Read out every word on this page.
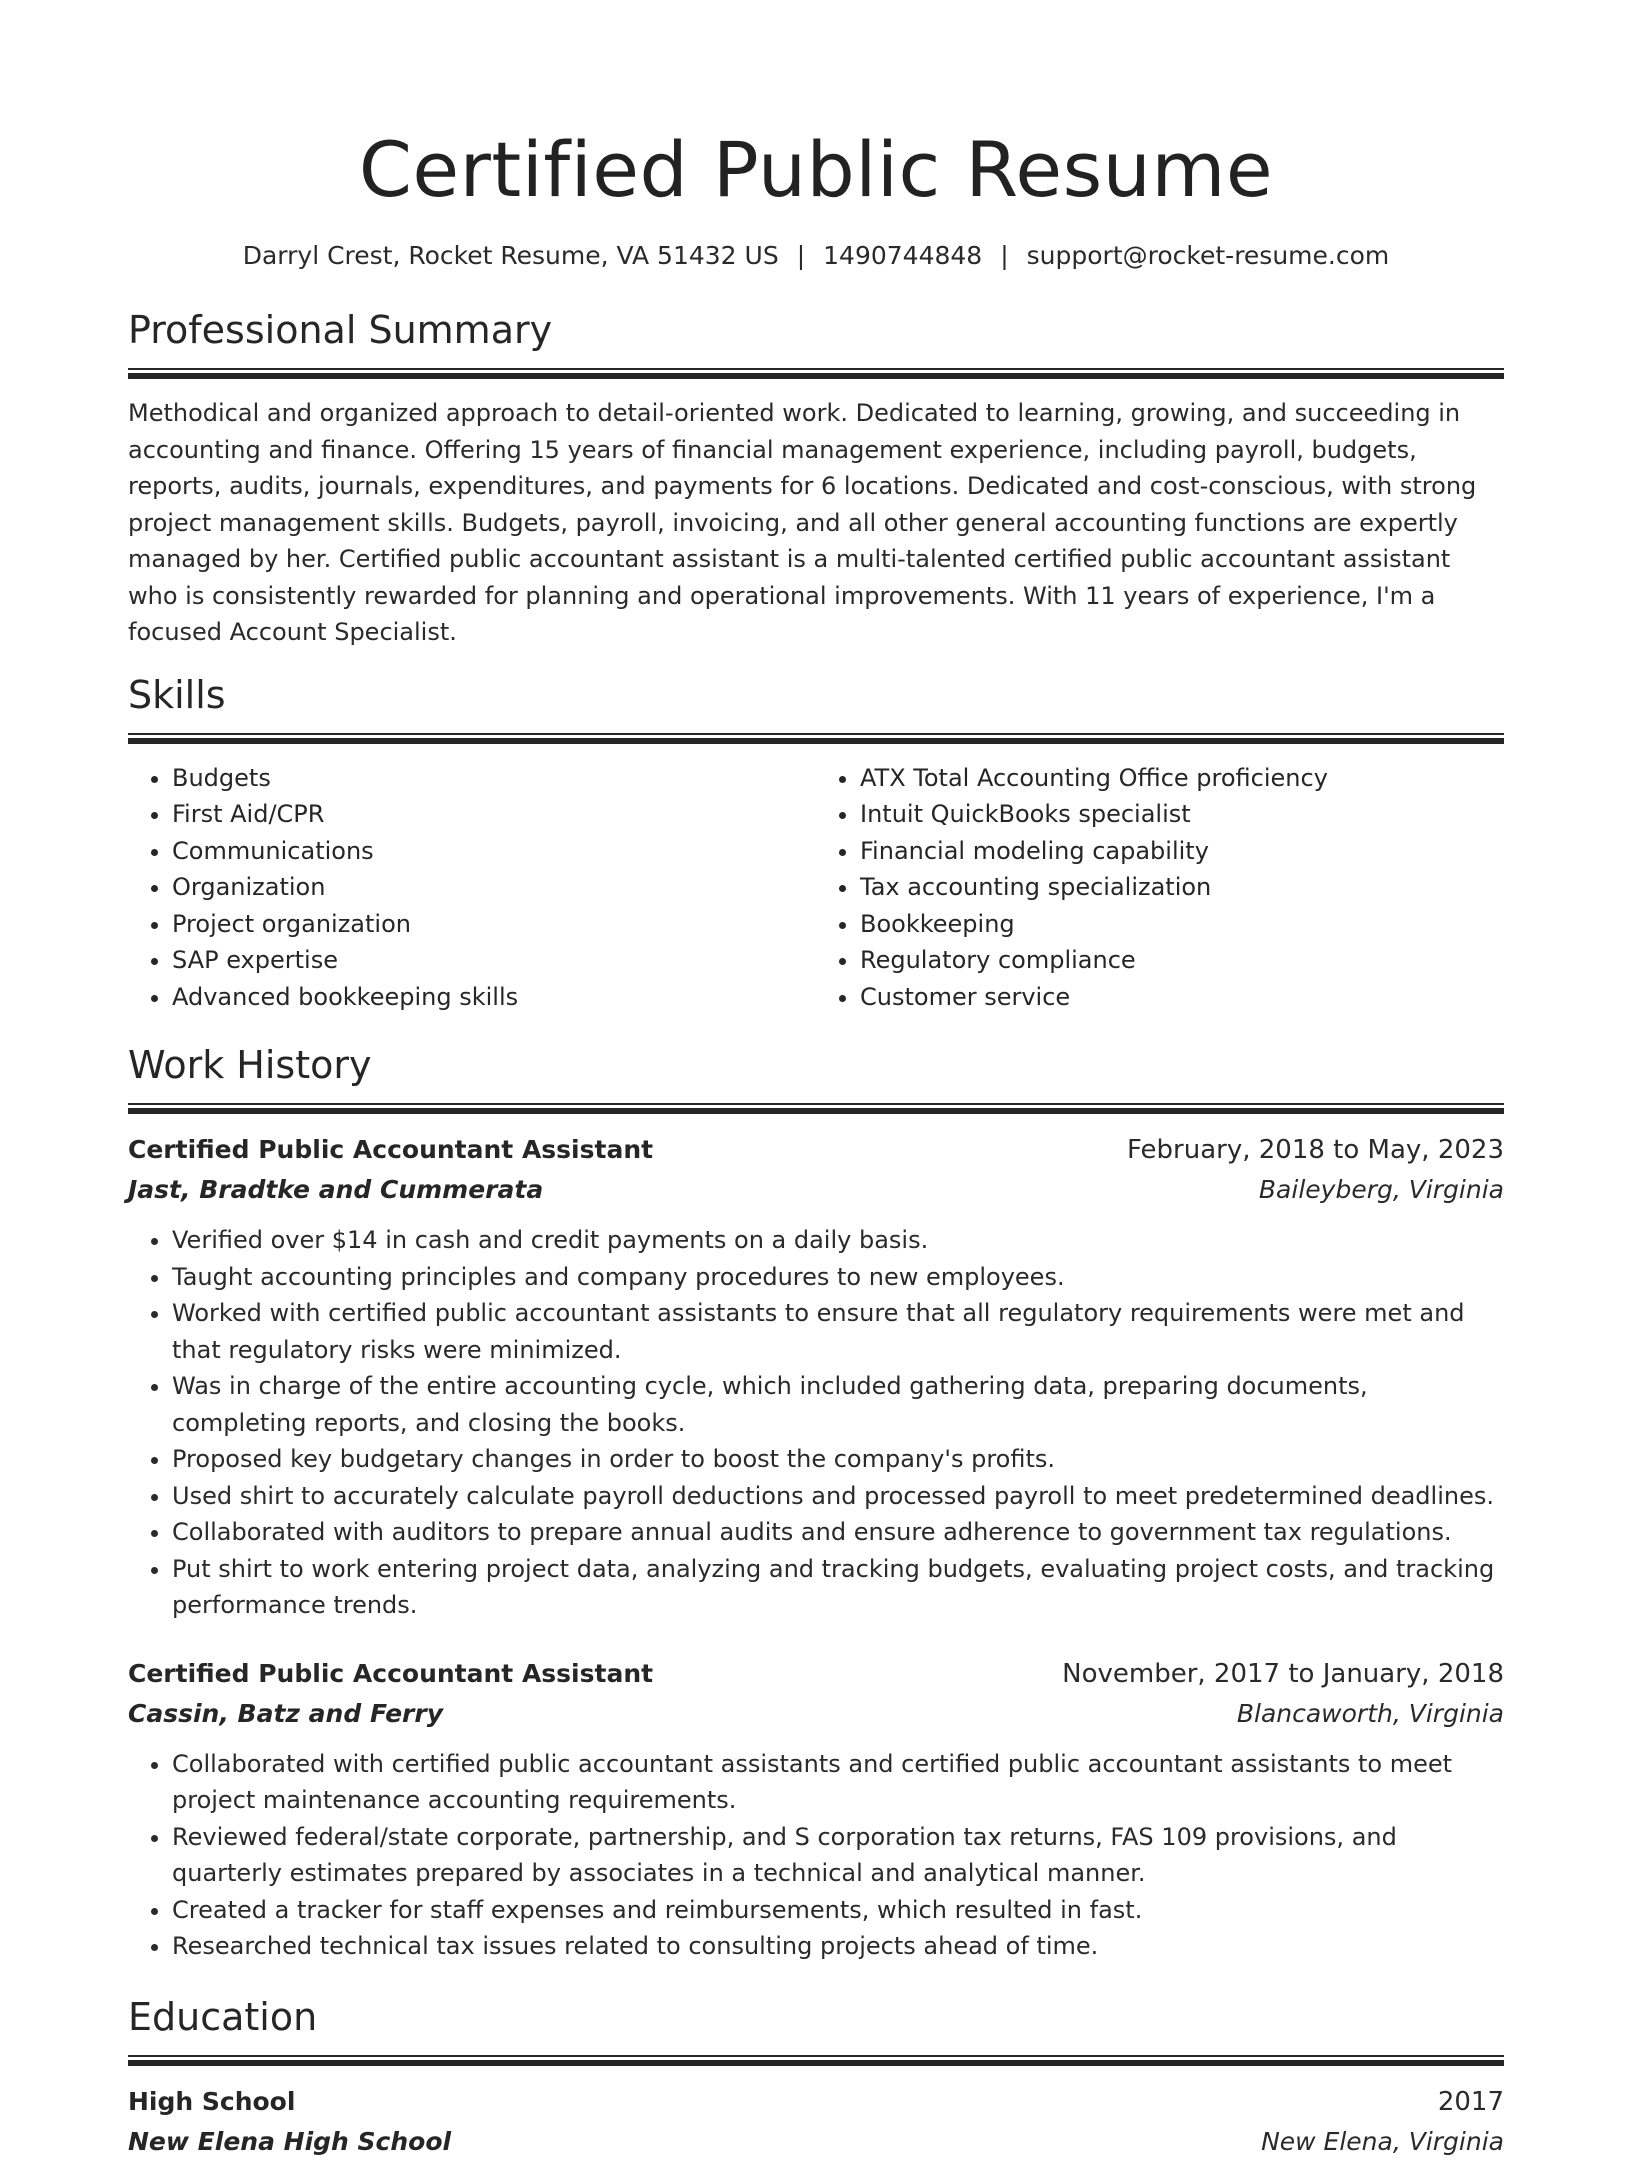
Certified Public Resume
Darryl Crest, Rocket Resume, VA 51432 US | 1490744848 | support@rocket-resume.com
Professional Summary

Methodical and organized approach to detail-oriented work. Dedicated to learning, growing, and succeeding in accounting and finance. Offering 15 years of financial management experience, including payroll, budgets, reports, audits, journals, expenditures, and payments for 6 locations. Dedicated and cost-conscious, with strong project management skills. Budgets, payroll, invoicing, and all other general accounting functions are expertly managed by her. Certified public accountant assistant is a multi-talented certified public accountant assistant who is consistently rewarded for planning and operational improvements. With 11 years of experience, I'm a focused Account Specialist.

Skills
• Budgets
• First Aid/CPR
• Communications
• Organization
• Project organization
• SAP expertise
• Advanced bookkeeping skills
• ATX Total Accounting Office proficiency
• Intuit QuickBooks specialist
• Financial modeling capability
• Tax accounting specialization
• Bookkeeping
• Regulatory compliance
• Customer service
Work History
Certified Public Accountant Assistant	February, 2018 to May, 2023
Jast, Bradtke and Cummerata	Baileyberg, Virginia
• Verified over $14 in cash and credit payments on a daily basis.
• Taught accounting principles and company procedures to new employees.
• Worked with certified public accountant assistants to ensure that all regulatory requirements were met and that regulatory risks were minimized.
• Was in charge of the entire accounting cycle, which included gathering data, preparing documents, completing reports, and closing the books.
• Proposed key budgetary changes in order to boost the company's profits.
• Used shirt to accurately calculate payroll deductions and processed payroll to meet predetermined deadlines.
• Collaborated with auditors to prepare annual audits and ensure adherence to government tax regulations.
• Put shirt to work entering project data, analyzing and tracking budgets, evaluating project costs, and tracking performance trends.
Certified Public Accountant Assistant	November, 2017 to January, 2018
Cassin, Batz and Ferry	Blancaworth, Virginia
• Collaborated with certified public accountant assistants and certified public accountant assistants to meet project maintenance accounting requirements.
• Reviewed federal/state corporate, partnership, and S corporation tax returns, FAS 109 provisions, and quarterly estimates prepared by associates in a technical and analytical manner.
• Created a tracker for staff expenses and reimbursements, which resulted in fast.
• Researched technical tax issues related to consulting projects ahead of time.
Education
High School	2017
New Elena High School	New Elena, Virginia
